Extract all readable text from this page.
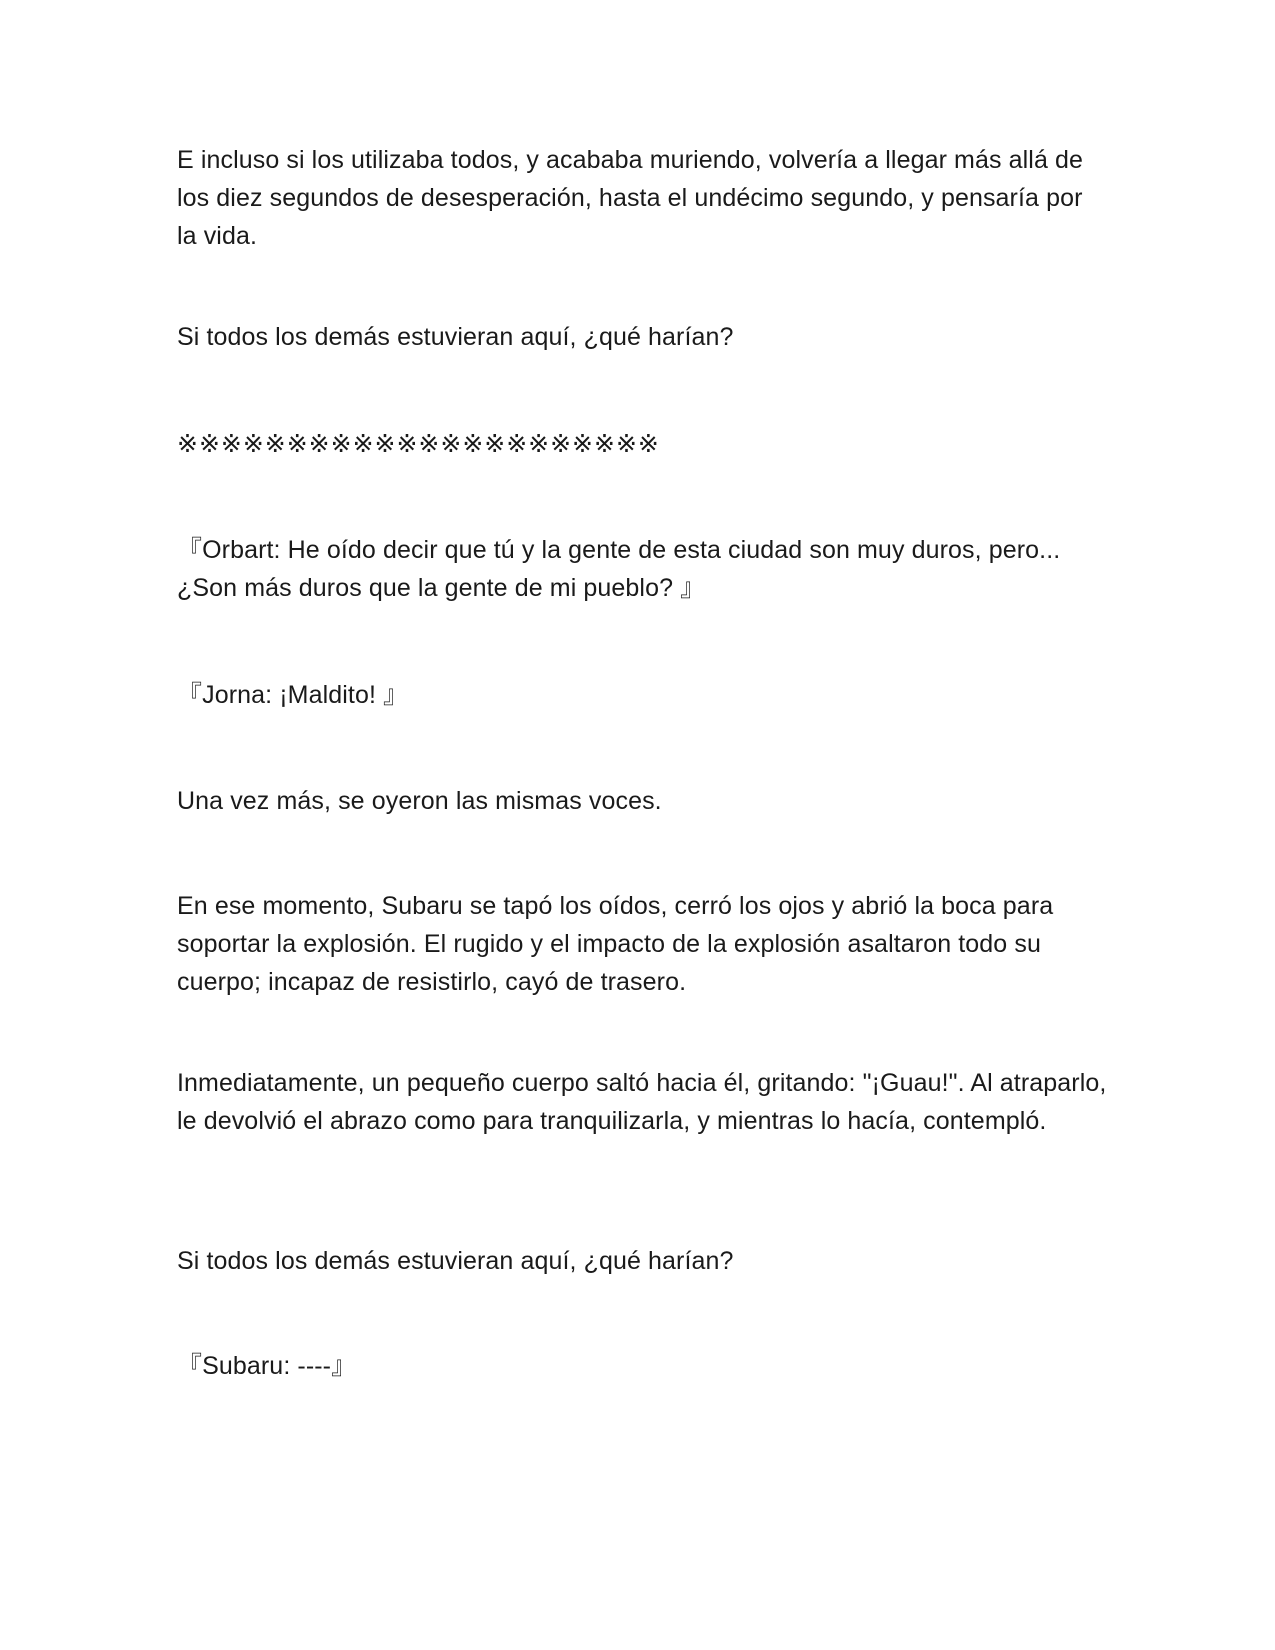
E incluso si los utilizaba todos, y acababa muriendo, volvería a llegar más allá de los diez segundos de desesperación, hasta el undécimo segundo, y pensaría por la vida.

Si todos los demás estuvieran aquí, ¿qué harían?

※※※※※※※※※※※※※※※※※※※※※※

『Orbart: He oído decir que tú y la gente de esta ciudad son muy duros, pero... ¿Son más duros que la gente de mi pueblo? 』

『Jorna: ¡Maldito! 』

Una vez más, se oyeron las mismas voces.

En ese momento, Subaru se tapó los oídos, cerró los ojos y abrió la boca para soportar la explosión. El rugido y el impacto de la explosión asaltaron todo su cuerpo; incapaz de resistirlo, cayó de trasero.

Inmediatamente, un pequeño cuerpo saltó hacia él, gritando: "¡Guau!". Al atraparlo, le devolvió el abrazo como para tranquilizarla, y mientras lo hacía, contempló.

Si todos los demás estuvieran aquí, ¿qué harían?

『Subaru: ----』
